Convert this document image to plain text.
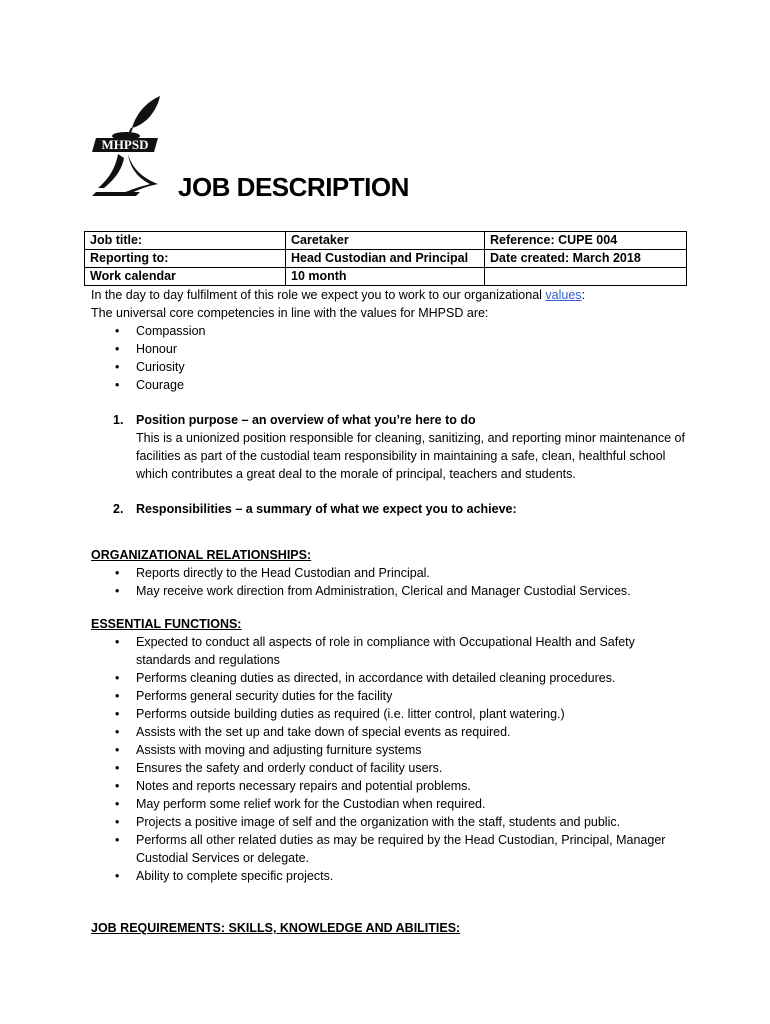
MHPSD
JOB DESCRIPTION
Job title:	Caretaker	Reference: CUPE 004
Reporting to:	Head Custodian and Principal	Date created: March 2018
Work calendar	10 month	

In the day to day fulfilment of this role we expect you to work to our organizational values:

The universal core competencies in line with the values for MHPSD are:

• Compassion
• Honour
• Curiosity
• Courage
1. Position purpose – an overview of what you’re here to do
This is a unionized position responsible for cleaning, sanitizing, and reporting minor maintenance of facilities as part of the custodial team responsibility in maintaining a safe, clean, healthful school which contributes a great deal to the morale of principal, teachers and students.
2. Responsibilities – a summary of what we expect you to achieve:

ORGANIZATIONAL RELATIONSHIPS:

• Reports directly to the Head Custodian and Principal.
• May receive work direction from Administration, Clerical and Manager Custodial Services.

ESSENTIAL FUNCTIONS:

• Expected to conduct all aspects of role in compliance with Occupational Health and Safety standards and regulations
• Performs cleaning duties as directed, in accordance with detailed cleaning procedures.
• Performs general security duties for the facility
• Performs outside building duties as required (i.e. litter control, plant watering.)
• Assists with the set up and take down of special events as required.
• Assists with moving and adjusting furniture systems
• Ensures the safety and orderly conduct of facility users.
• Notes and reports necessary repairs and potential problems.
• May perform some relief work for the Custodian when required.
• Projects a positive image of self and the organization with the staff, students and public.
• Performs all other related duties as may be required by the Head Custodian, Principal, Manager Custodial Services or delegate.
• Ability to complete specific projects.

JOB REQUIREMENTS: SKILLS, KNOWLEDGE AND ABILITIES:
